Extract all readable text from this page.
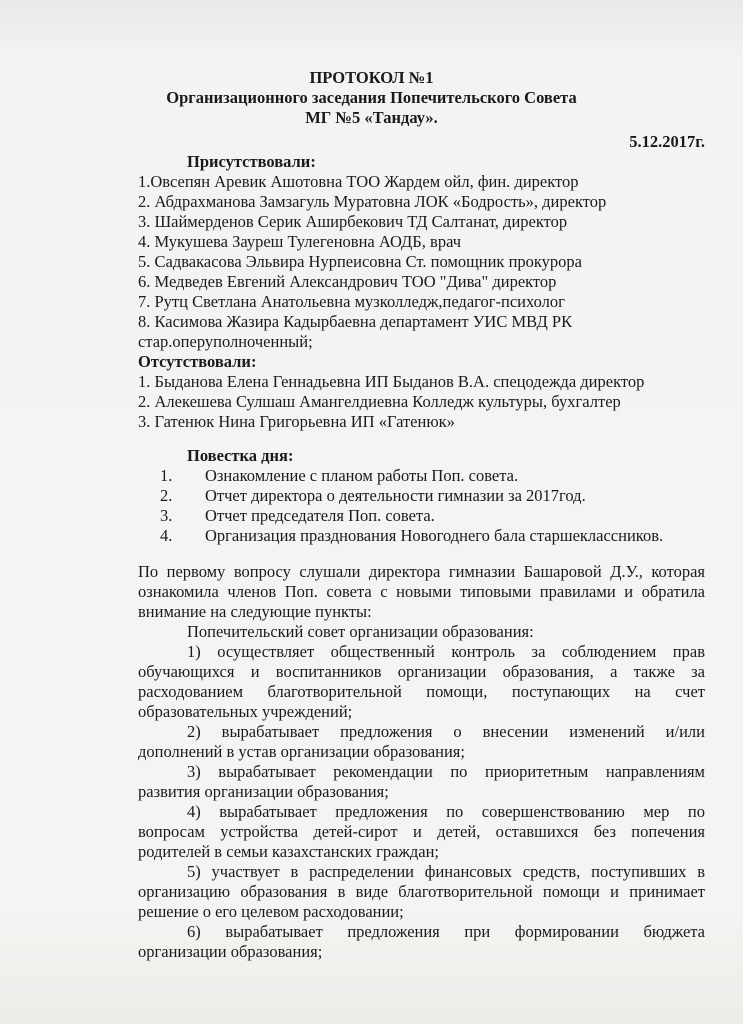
ПРОТОКОЛ №1
Организационного заседания Попечительского Совета
МГ №5 «Тандау».
5.12.2017г.
Присутствовали:
1.Овсепян Аревик Ашотовна ТОО Жардем ойл, фин. директор
2. Абдрахманова Замзагуль Муратовна ЛОК «Бодрость», директор
3. Шаймерденов Серик Аширбекович ТД Салтанат, директор
4. Мукушева Зауреш Тулегеновна АОДБ, врач
5. Садвакасова Эльвира Нурпеисовна Ст. помощник прокурора
6. Медведев Евгений Александрович ТОО "Дива" директор
7. Рутц Светлана Анатольевна музколледж,педагог-психолог
8. Касимова Жазира Кадырбаевна департамент УИС МВД РК
стар.оперуполноченный;
Отсутствовали:
1. Быданова Елена Геннадьевна ИП Быданов В.А. спецодежда директор
2. Алекешева Сулшаш Амангелдиевна Колледж культуры, бухгалтер
3. Гатенюк Нина Григорьевна ИП «Гатенюк»
Повестка дня:
1. Ознакомление с планом работы Поп. совета.
2. Отчет директора о деятельности гимназии за 2017год.
3. Отчет председателя Поп. совета.
4. Организация празднования Новогоднего бала старшеклассников.
По первому вопросу слушали директора гимназии Башаровой Д.У., которая
ознакомила членов Поп. совета с новыми типовыми правилами и обратила
внимание на следующие пункты:
Попечительский совет организации образования:
1) осуществляет общественный контроль за соблюдением прав
обучающихся и воспитанников организации образования, а также за
расходованием благотворительной помощи, поступающих на счет
образовательных учреждений;
2) вырабатывает предложения о внесении изменений и/или
дополнений в устав организации образования;
3) вырабатывает рекомендации по приоритетным направлениям
развития организации образования;
4) вырабатывает предложения по совершенствованию мер по
вопросам устройства детей-сирот и детей, оставшихся без попечения
родителей в семьи казахстанских граждан;
5) участвует в распределении финансовых средств, поступивших в
организацию образования в виде благотворительной помощи и принимает
решение о его целевом расходовании;
6) вырабатывает предложения при формировании бюджета
организации образования;
